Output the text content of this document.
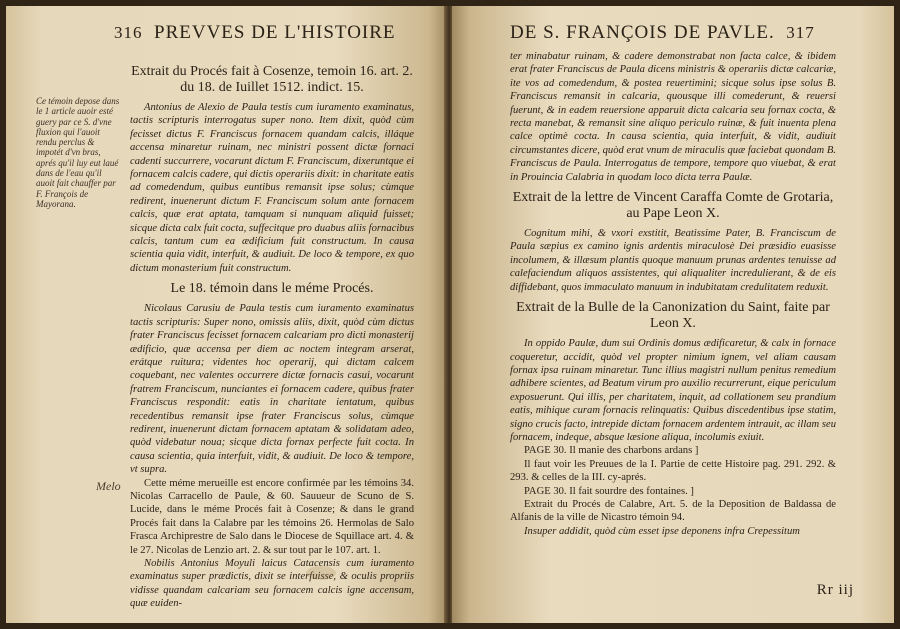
316 PREVVES DE L'HISTOIRE
Ce témoin depose dans le 1 article auoir esté guery par ce S. d'vne fluxion qui l'auoit rendu perclus & impotét d'vn bras, aprés qu'il luy eut laué dans de l'eau qu'il auoit fait chauffer par F. François de Mayorana.
Melo
Extrait du Procés fait à Cosenze, temoin 16. art. 2. du 18. de Iuillet 1512. indict. 15.

Antonius de Alexio de Paula testis cum iuramento examinatus, tactis scripturis interrogatus super nono. Item dixit, quòd cùm fecisset dictus F. Franciscus fornacem quandam calcis, illáque accensa minaretur ruinam, nec ministri possent dictæ fornaci cadenti succurrere, vocarunt dictum F. Franciscum, dixeruntque ei fornacem calcis cadere, qui dictis operariis dixit: in charitate eatis ad comedendum, quibus euntibus remansit ipse solus; cùmque redirent, inuenerunt dictum F. Franciscum solum ante fornacem calcis, quæ erat aptata, tamquam si nunquam aliquid fuisset; sicque dicta calx fuit cocta, suffecitque pro duabus aliis fornacibus calcis, tantum cum ea ædificium fuit constructum. In causa scientia quia vidit, interfuit, & audiuit. De loco & tempore, ex quo dictum monasterium fuit constructum.

Le 18. témoin dans le méme Procés.

Nicolaus Carusiu de Paula testis cum iuramento examinatus tactis scripturis: Super nono, omissis aliis, dixit, quòd cùm dictus frater Franciscus fecisset fornacem calcariam pro dicti monasterij ædificio, quæ accensa per diem ac noctem integram arserat, erátque ruitura; videntes hoc operarij, qui dictam calcem coquebant, nec valentes occurrere dictæ fornacis casui, vocarunt fratrem Franciscum, nunciantes ei fornacem cadere, quibus frater Franciscus respondit: eatis in charitate ientatum, quibus recedentibus remansit ipse frater Franciscus solus, cùmque redirent, inuenerunt dictam fornacem aptatam & solidatam adeo, quòd videbatur noua; sicque dicta fornax perfecte fuit cocta. In causa scientia, quia interfuit, vidit, & audiuit. De loco & tempore, vt supra.

Cette méme merueille est encore confirmée par les témoins 34. Nicolas Carracello de Paule, & 60. Sauueur de Scuno de S. Lucide, dans le méme Procés fait à Cosenze; & dans le grand Procés fait dans la Calabre par les témoins 26. Hermolas de Salo Frasca Archiprestre de Salo dans le Diocese de Squillace art. 4. & le 27. Nicolas de Lenzio art. 2. & sur tout par le 107. art. 1.

Nobilis Antonius Moyuli laicus Catacensis cum iuramento examinatus super prædictis, dixit se interfuisse, & oculis propriis vidisse quandam calcariam seu fornacem calcis igne accensam, quæ euiden-

DE S. FRANÇOIS DE PAVLE. 317

ter minabatur ruinam, & cadere demonstrabat non facta calce, & ibidem erat frater Franciscus de Paula dicens ministris & operariis dictæ calcariæ, ite vos ad comedendum, & postea reuertimini; sicque solus ipse solus B. Franciscus remansit in calcaria, quousque illi comederunt, & reuersi fuerunt, & in eadem reuersione apparuit dicta calcaria seu fornax cocta, & recta manebat, & remansit sine aliquo periculo ruinæ, & fuit inuenta plena calce optimè cocta. In causa scientia, quia interfuit, & vidit, audiuit circumstantes dicere, quòd erat vnum de miraculis quæ faciebat quondam B. Franciscus de Paula. Interrogatus de tempore, tempore quo viuebat, & erat in Prouincia Calabria in quodam loco dicta terra Paulæ.

Extrait de la lettre de Vincent Caraffa Comte de Grotaria, au Pape Leon X.

Cognitum mihi, & vxori exstitit, Beatissime Pater, B. Franciscum de Paula sæpius ex camino ignis ardentis miraculosè Dei præsidio euasisse incolumem, & illæsum plantis quoque manuum prunas ardentes tenuisse ad calefaciendum aliquos assistentes, qui aliqualiter incredulierant, & de eis diffidebant, quos immaculato manuum in indubitatam credulitatem reduxit.

Extrait de la Bulle de la Canonization du Saint, faite par Leon X.

In oppido Paulæ, dum sui Ordinis domus ædificaretur, & calx in fornace coqueretur, accidit, quòd vel propter nimium ignem, vel aliam causam fornax ipsa ruinam minaretur. Tunc illius magistri nullum penitus remedium adhibere scientes, ad Beatum virum pro auxilio recurrerunt, eique periculum exposuerunt. Qui illis, per charitatem, inquit, ad collationem seu prandium eatis, mihique curam fornacis relinquatis: Quibus discedentibus ipse statim, signo crucis facto, intrepide dictam fornacem ardentem intrauit, ac illam seu fornacem, indeque, absque læsione aliqua, incolumis exiuit.

PAGE 30. Il manie des charbons ardans ]

Il faut voir les Preuues de la I. Partie de cette Histoire pag. 291. 292. & 293. & celles de la III. cy-aprés.

PAGE 30. Il fait sourdre des fontaines. ]

Extrait du Procés de Calabre, Art. 5. de la Deposition de Baldassa de Alfanis de la ville de Nicastro témoin 94.

Insuper addidit, quòd cùm esset ipse deponens infra Crepessitum

Rr iij
